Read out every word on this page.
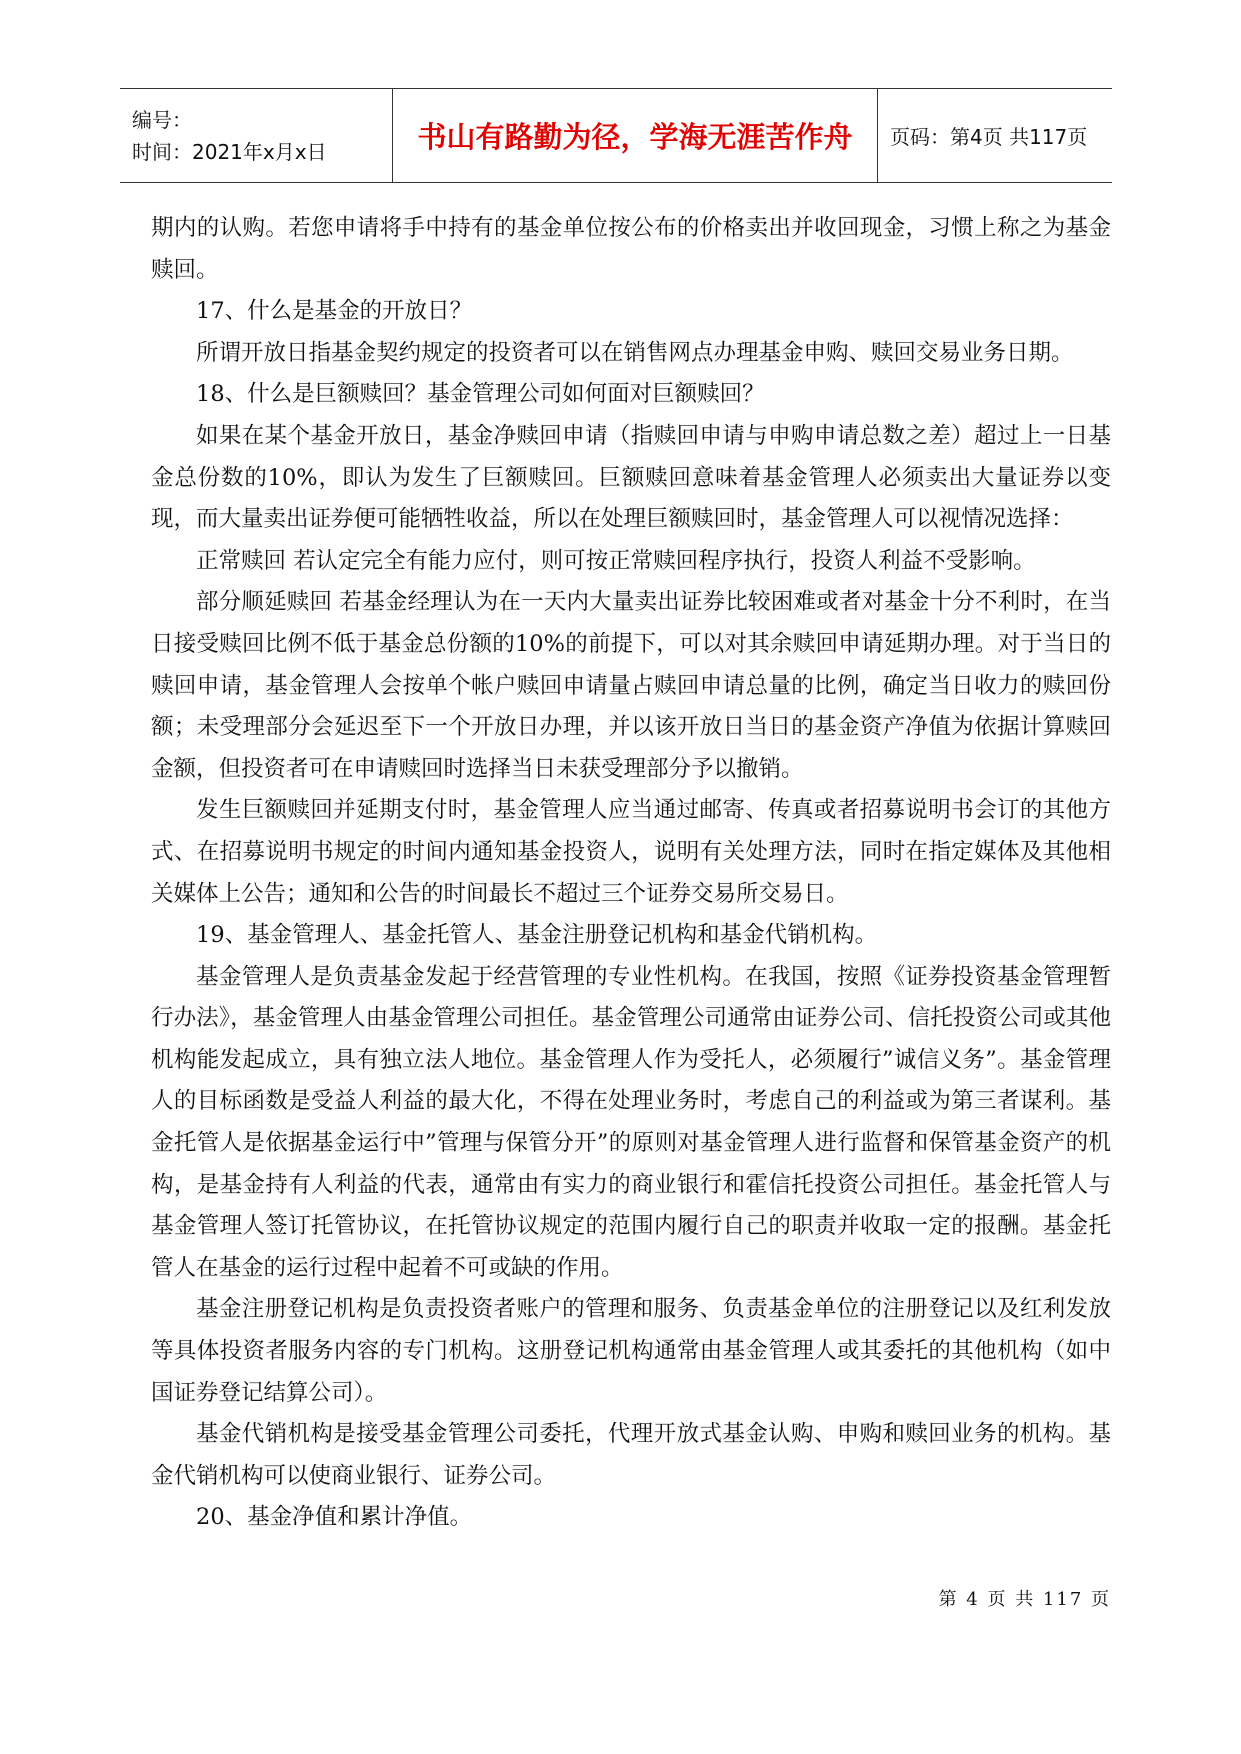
编号：
时间：2021年x月x日	书山有路勤为径，学海无涯苦作舟 页码：第4页 共117页

期内的认购。若您申请将手中持有的基金单位按公布的价格卖出并收回现金，习惯上称之为基金赎回。

17、什么是基金的开放日？

所谓开放日指基金契约规定的投资者可以在销售网点办理基金申购、赎回交易业务日期。

18、什么是巨额赎回？基金管理公司如何面对巨额赎回？

如果在某个基金开放日，基金净赎回申请（指赎回申请与申购申请总数之差）超过上一日基金总份数的10%，即认为发生了巨额赎回。巨额赎回意味着基金管理人必须卖出大量证券以变现，而大量卖出证券便可能牺牲收益，所以在处理巨额赎回时，基金管理人可以视情况选择：

正常赎回 若认定完全有能力应付，则可按正常赎回程序执行，投资人利益不受影响。

部分顺延赎回 若基金经理认为在一天内大量卖出证券比较困难或者对基金十分不利时，在当日接受赎回比例不低于基金总份额的10%的前提下，可以对其余赎回申请延期办理。对于当日的赎回申请，基金管理人会按单个帐户赎回申请量占赎回申请总量的比例，确定当日收力的赎回份额；未受理部分会延迟至下一个开放日办理，并以该开放日当日的基金资产净值为依据计算赎回金额，但投资者可在申请赎回时选择当日未获受理部分予以撤销。

发生巨额赎回并延期支付时，基金管理人应当通过邮寄、传真或者招募说明书会订的其他方式、在招募说明书规定的时间内通知基金投资人，说明有关处理方法，同时在指定媒体及其他相关媒体上公告；通知和公告的时间最长不超过三个证券交易所交易日。

19、基金管理人、基金托管人、基金注册登记机构和基金代销机构。

基金管理人是负责基金发起于经营管理的专业性机构。在我国，按照《证券投资基金管理暂行办法》，基金管理人由基金管理公司担任。基金管理公司通常由证券公司、信托投资公司或其他机构能发起成立，具有独立法人地位。基金管理人作为受托人，必须履行”诚信义务”。基金管理人的目标函数是受益人利益的最大化，不得在处理业务时，考虑自己的利益或为第三者谋利。基金托管人是依据基金运行中”管理与保管分开”的原则对基金管理人进行监督和保管基金资产的机构，是基金持有人利益的代表，通常由有实力的商业银行和霍信托投资公司担任。基金托管人与基金管理人签订托管协议，在托管协议规定的范围内履行自己的职责并收取一定的报酬。基金托管人在基金的运行过程中起着不可或缺的作用。

基金注册登记机构是负责投资者账户的管理和服务、负责基金单位的注册登记以及红利发放等具体投资者服务内容的专门机构。这册登记机构通常由基金管理人或其委托的其他机构（如中国证券登记结算公司）。

基金代销机构是接受基金管理公司委托，代理开放式基金认购、申购和赎回业务的机构。基金代销机构可以使商业银行、证券公司。

20、基金净值和累计净值。

第 4 页 共 117 页
